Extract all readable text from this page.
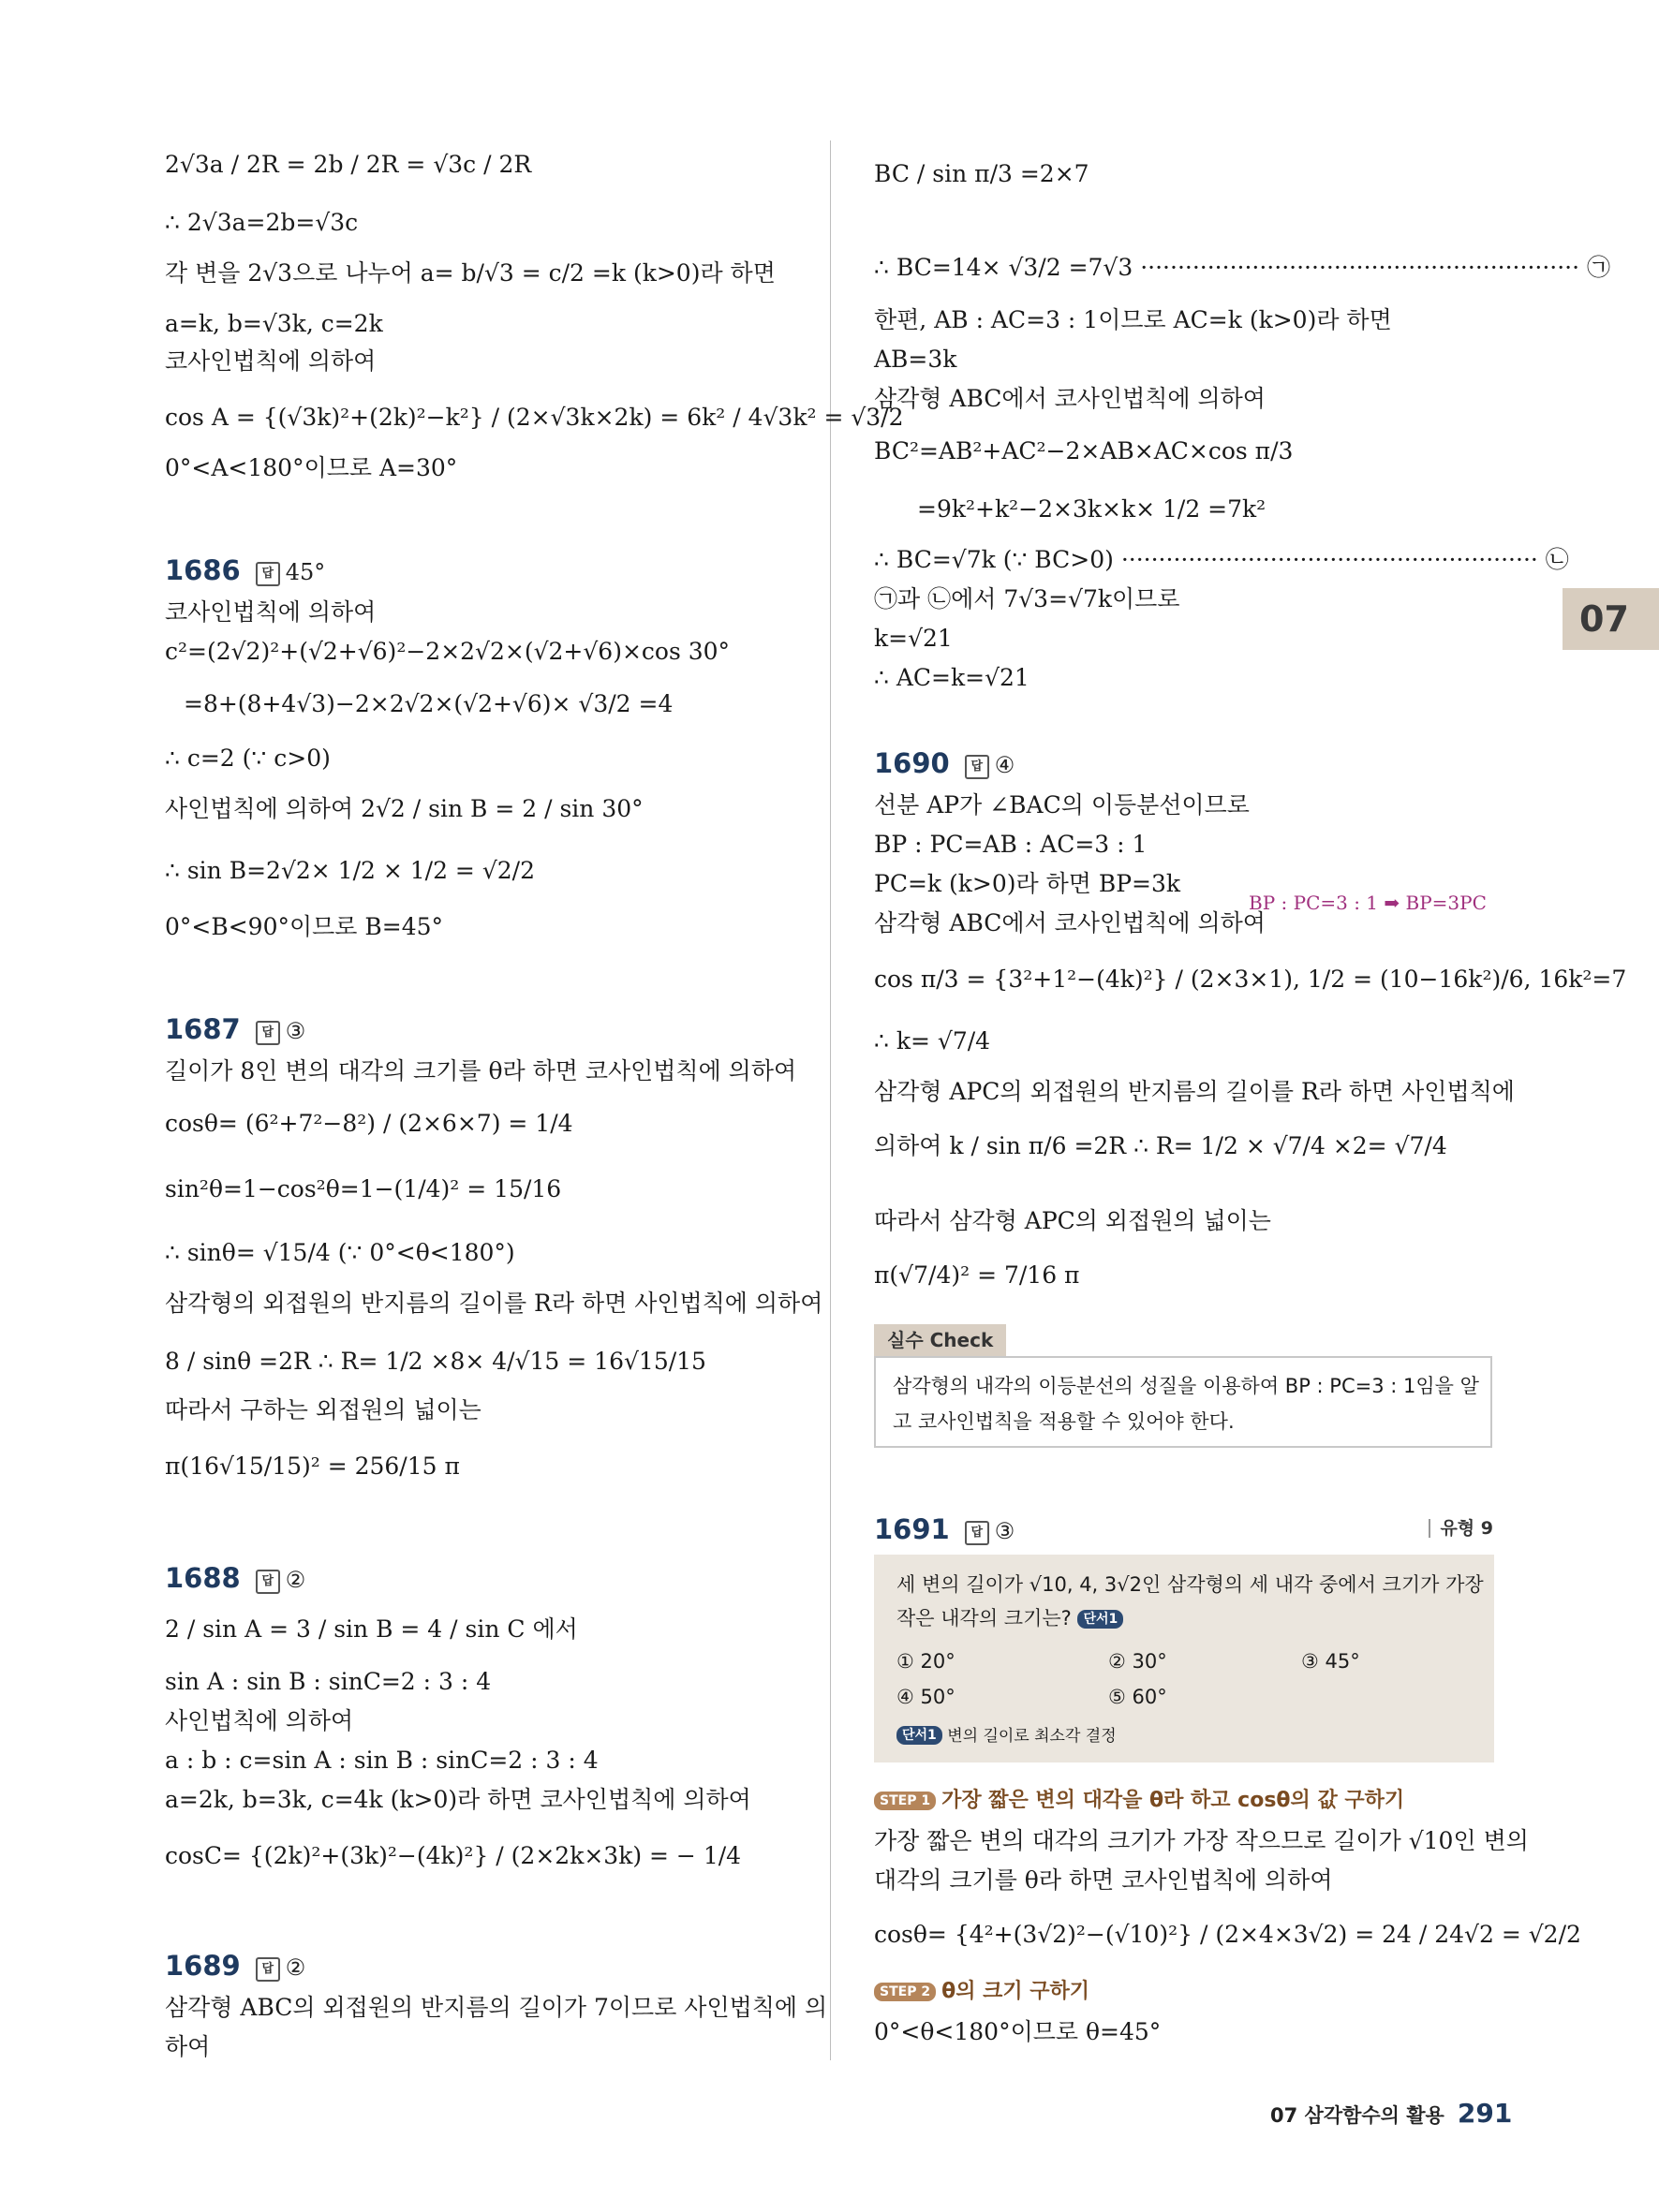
07
2√3a / 2R = 2b / 2R = √3c / 2R
∴ 2√3a=2b=√3c
각 변을 2√3으로 나누어 a= b/√3 = c/2 =k (k>0)라 하면
a=k, b=√3k, c=2k
코사인법칙에 의하여
cos A = {(√3k)²+(2k)²−k²} / (2×√3k×2k) = 6k² / 4√3k² = √3/2
0°<A<180°이므로 A=30°
1686 답 45°
코사인법칙에 의하여
c²=(2√2)²+(√2+√6)²−2×2√2×(√2+√6)×cos 30°
=8+(8+4√3)−2×2√2×(√2+√6)× √3/2 =4
∴ c=2 (∵ c>0)
사인법칙에 의하여 2√2 / sin B = 2 / sin 30°
∴ sin B=2√2× 1/2 × 1/2 = √2/2
0°<B<90°이므로 B=45°
1687 답 ③
길이가 8인 변의 대각의 크기를 θ라 하면 코사인법칙에 의하여
cosθ= (6²+7²−8²) / (2×6×7) = 1/4
sin²θ=1−cos²θ=1−(1/4)² = 15/16
∴ sinθ= √15/4 (∵ 0°<θ<180°)
삼각형의 외접원의 반지름의 길이를 R라 하면 사인법칙에 의하여
8 / sinθ =2R ∴ R= 1/2 ×8× 4/√15 = 16√15/15
따라서 구하는 외접원의 넓이는
π(16√15/15)² = 256/15 π
1688 답 ②
2 / sin A = 3 / sin B = 4 / sin C 에서
sin A : sin B : sinC=2 : 3 : 4
사인법칙에 의하여
a : b : c=sin A : sin B : sinC=2 : 3 : 4
a=2k, b=3k, c=4k (k>0)라 하면 코사인법칙에 의하여
cosC= {(2k)²+(3k)²−(4k)²} / (2×2k×3k) = − 1/4
1689 답 ②
삼각형 ABC의 외접원의 반지름의 길이가 7이므로 사인법칙에 의
하여
BC / sin π/3 =2×7
∴ BC=14× √3/2 =7√3 ··························································· ㉠
한편, AB : AC=3 : 1이므로 AC=k (k>0)라 하면
AB=3k
삼각형 ABC에서 코사인법칙에 의하여
BC²=AB²+AC²−2×AB×AC×cos π/3
=9k²+k²−2×3k×k× 1/2 =7k²
∴ BC=√7k (∵ BC>0) ························································ ㉡
㉠과 ㉡에서 7√3=√7k이므로
k=√21
∴ AC=k=√21
1690 답 ④
선분 AP가 ∠BAC의 이등분선이므로
BP : PC=AB : AC=3 : 1
PC=k (k>0)라 하면 BP=3k
BP : PC=3 : 1 ➡ BP=3PC
삼각형 ABC에서 코사인법칙에 의하여
cos π/3 = {3²+1²−(4k)²} / (2×3×1), 1/2 = (10−16k²)/6, 16k²=7
∴ k= √7/4
삼각형 APC의 외접원의 반지름의 길이를 R라 하면 사인법칙에
의하여 k / sin π/6 =2R ∴ R= 1/2 × √7/4 ×2= √7/4
따라서 삼각형 APC의 외접원의 넓이는
π(√7/4)² = 7/16 π
실수 Check
삼각형의 내각의 이등분선의 성질을 이용하여 BP : PC=3 : 1임을 알
고 코사인법칙을 적용할 수 있어야 한다.
1691 답 ③	유형 9
세 변의 길이가 √10, 4, 3√2인 삼각형의 세 내각 중에서 크기가 가장
작은 내각의 크기는? 단서1
① 20°	② 30°	③ 45°
④ 50°	⑤ 60°
단서1 변의 길이로 최소각 결정
STEP 1 가장 짧은 변의 대각을 θ라 하고 cosθ의 값 구하기
가장 짧은 변의 대각의 크기가 가장 작으므로 길이가 √10인 변의
대각의 크기를 θ라 하면 코사인법칙에 의하여
cosθ= {4²+(3√2)²−(√10)²} / (2×4×3√2) = 24 / 24√2 = √2/2
STEP 2 θ의 크기 구하기
0°<θ<180°이므로 θ=45°
07 삼각함수의 활용 291
